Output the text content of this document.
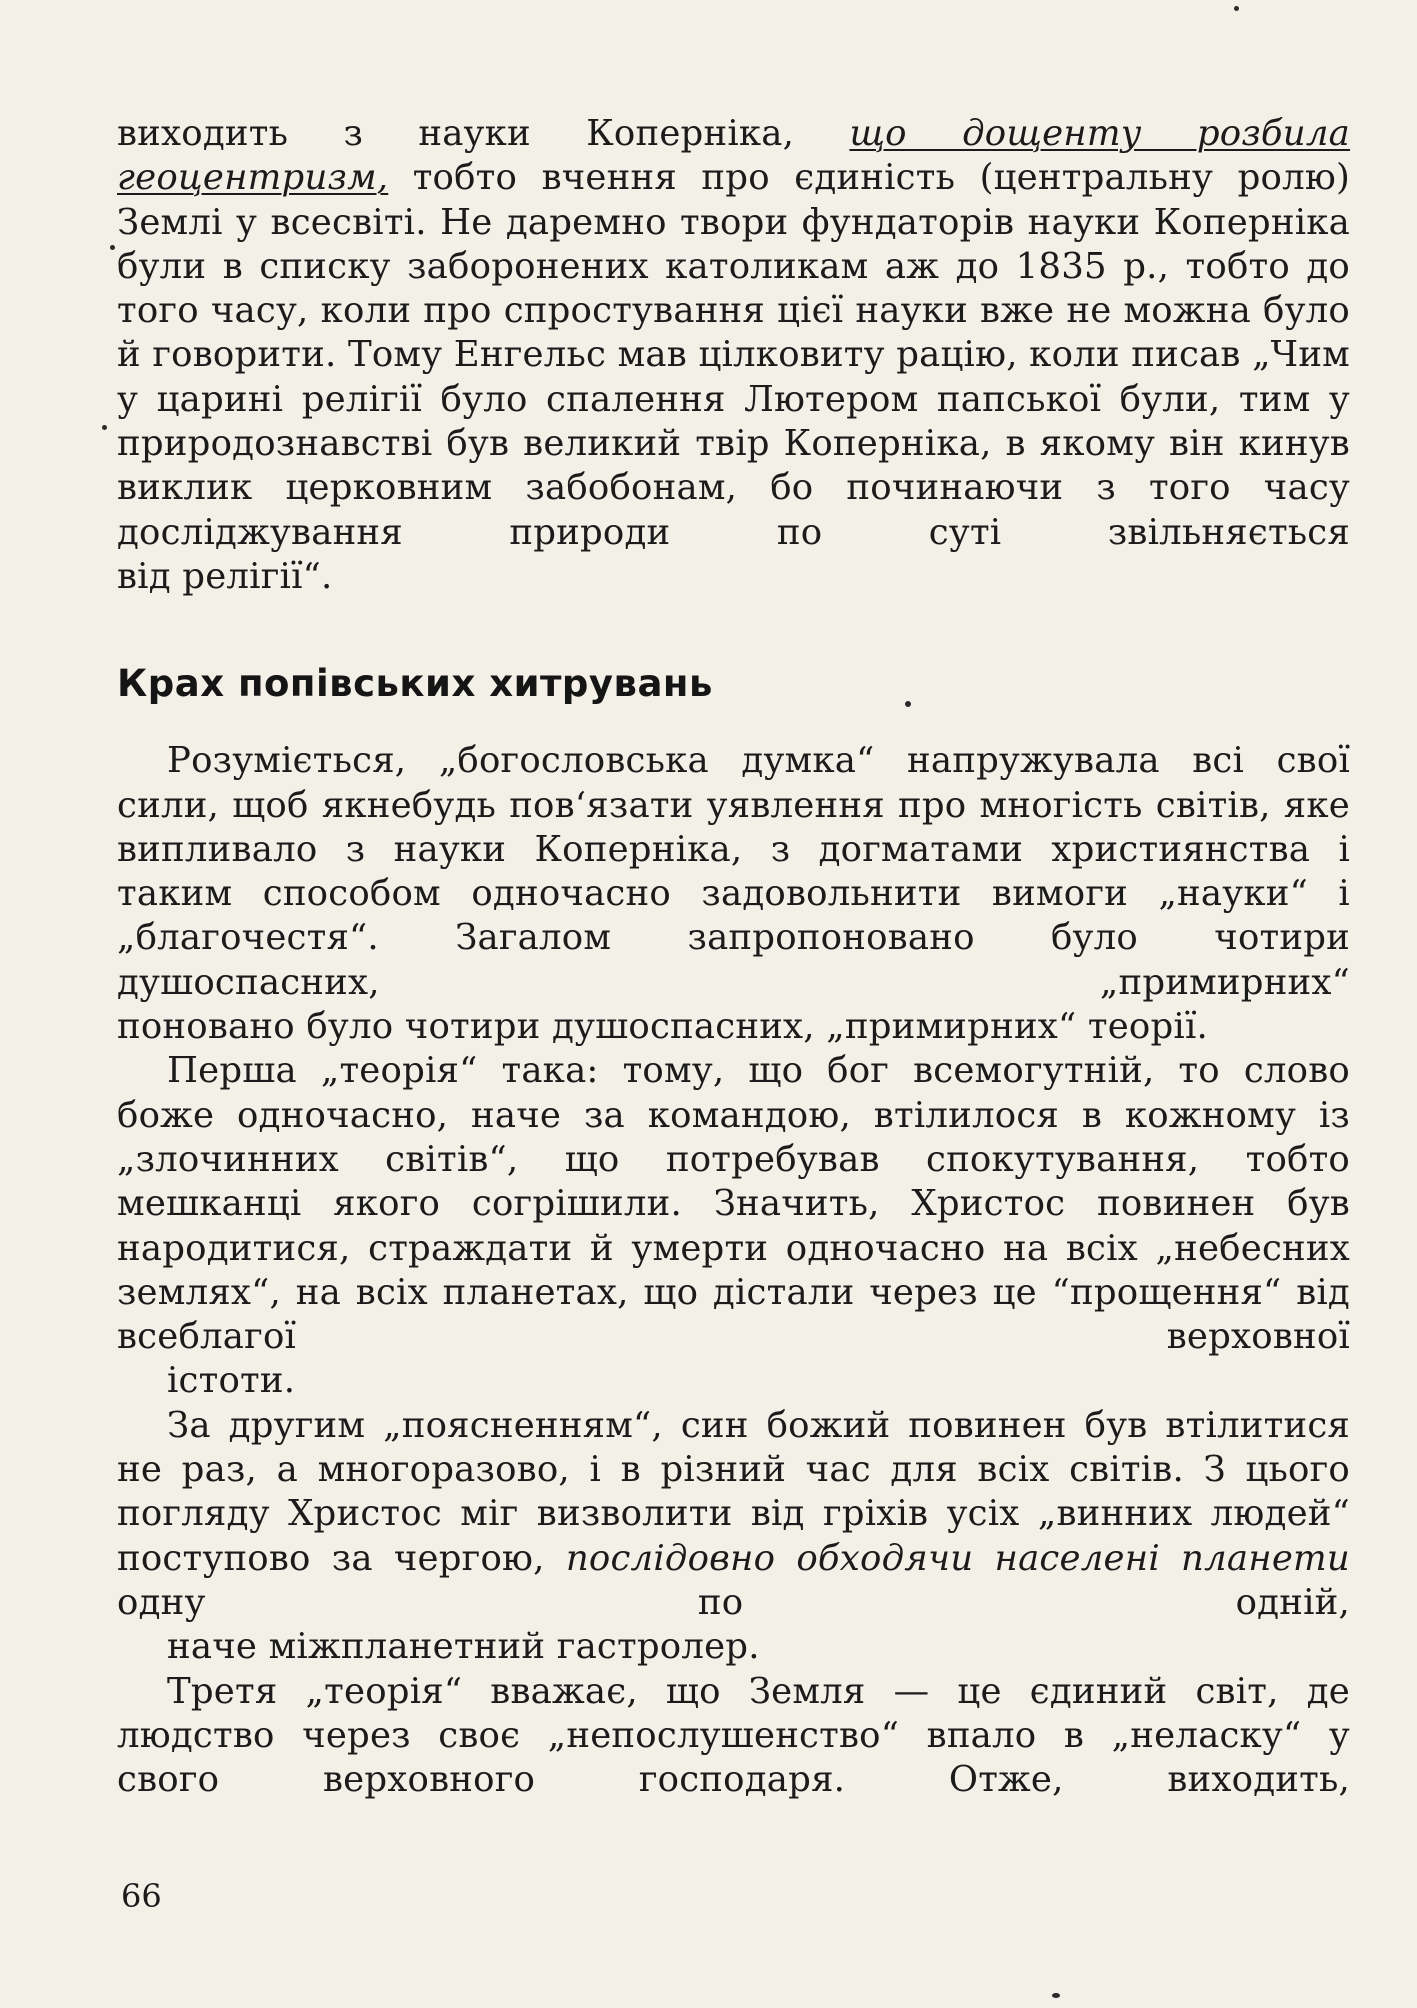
виходить з науки Коперніка, що дощенту розбила геоцентризм, тобто вчення про єдиність (центральну ролю) Землі у всесвіті. Не даремно твори фундаторів науки Коперніка були в списку заборонених католикам аж до 1835 р., тобто до того часу, коли про спростування цієї науки вже не можна було й говорити. Тому Енгельс мав цілковиту рацію, коли писав „Чим у царині релігії було спалення Лютером папської були, тим у природознавстві був великий твір Коперніка, в якому він кинув виклик церковним забобонам, бо починаючи з того часу досліджування природи по суті звільняється
від релігії“.

Крах попівських хитрувань

Розуміється, „богословська думка“ напружувала всі свої сили, щоб якнебудь пов‘язати уявлення про многість світів, яке випливало з науки Коперніка, з догматами християнства і таким способом одночасно задовольнити вимоги „науки“ і „благочестя“. Загалом запропоновано було чотири душоспасних, „примирних“

поновано було чотири душоспасних, „примирних“ теорії.

Перша „теорія“ така: тому, що бог всемогутній, то слово боже одночасно, наче за командою, втілилося в кожному із „злочинних світів“, що потребував спокутування, тобто мешканці якого согрішили. Значить, Христос повинен був народитися, страждати й умерти одночасно на всіх „небесних землях“, на всіх планетах, що дістали через це “прощення“ від всеблагої верховної
істоти.

За другим „поясненням“, син божий повинен був втілитися не раз, а многоразово, і в різний час для всіх світів. З цього погляду Христос міг визволити від гріхів усіх „винних людей“ поступово за чергою, послідовно обходячи населені планети одну по одній,
наче міжпланетний гастролер.

Третя „теорія“ вважає, що Земля — це єдиний світ, де людство через своє „непослушенство“ впало в „неласку“ у свого верховного господаря. Отже, виходить,

66
